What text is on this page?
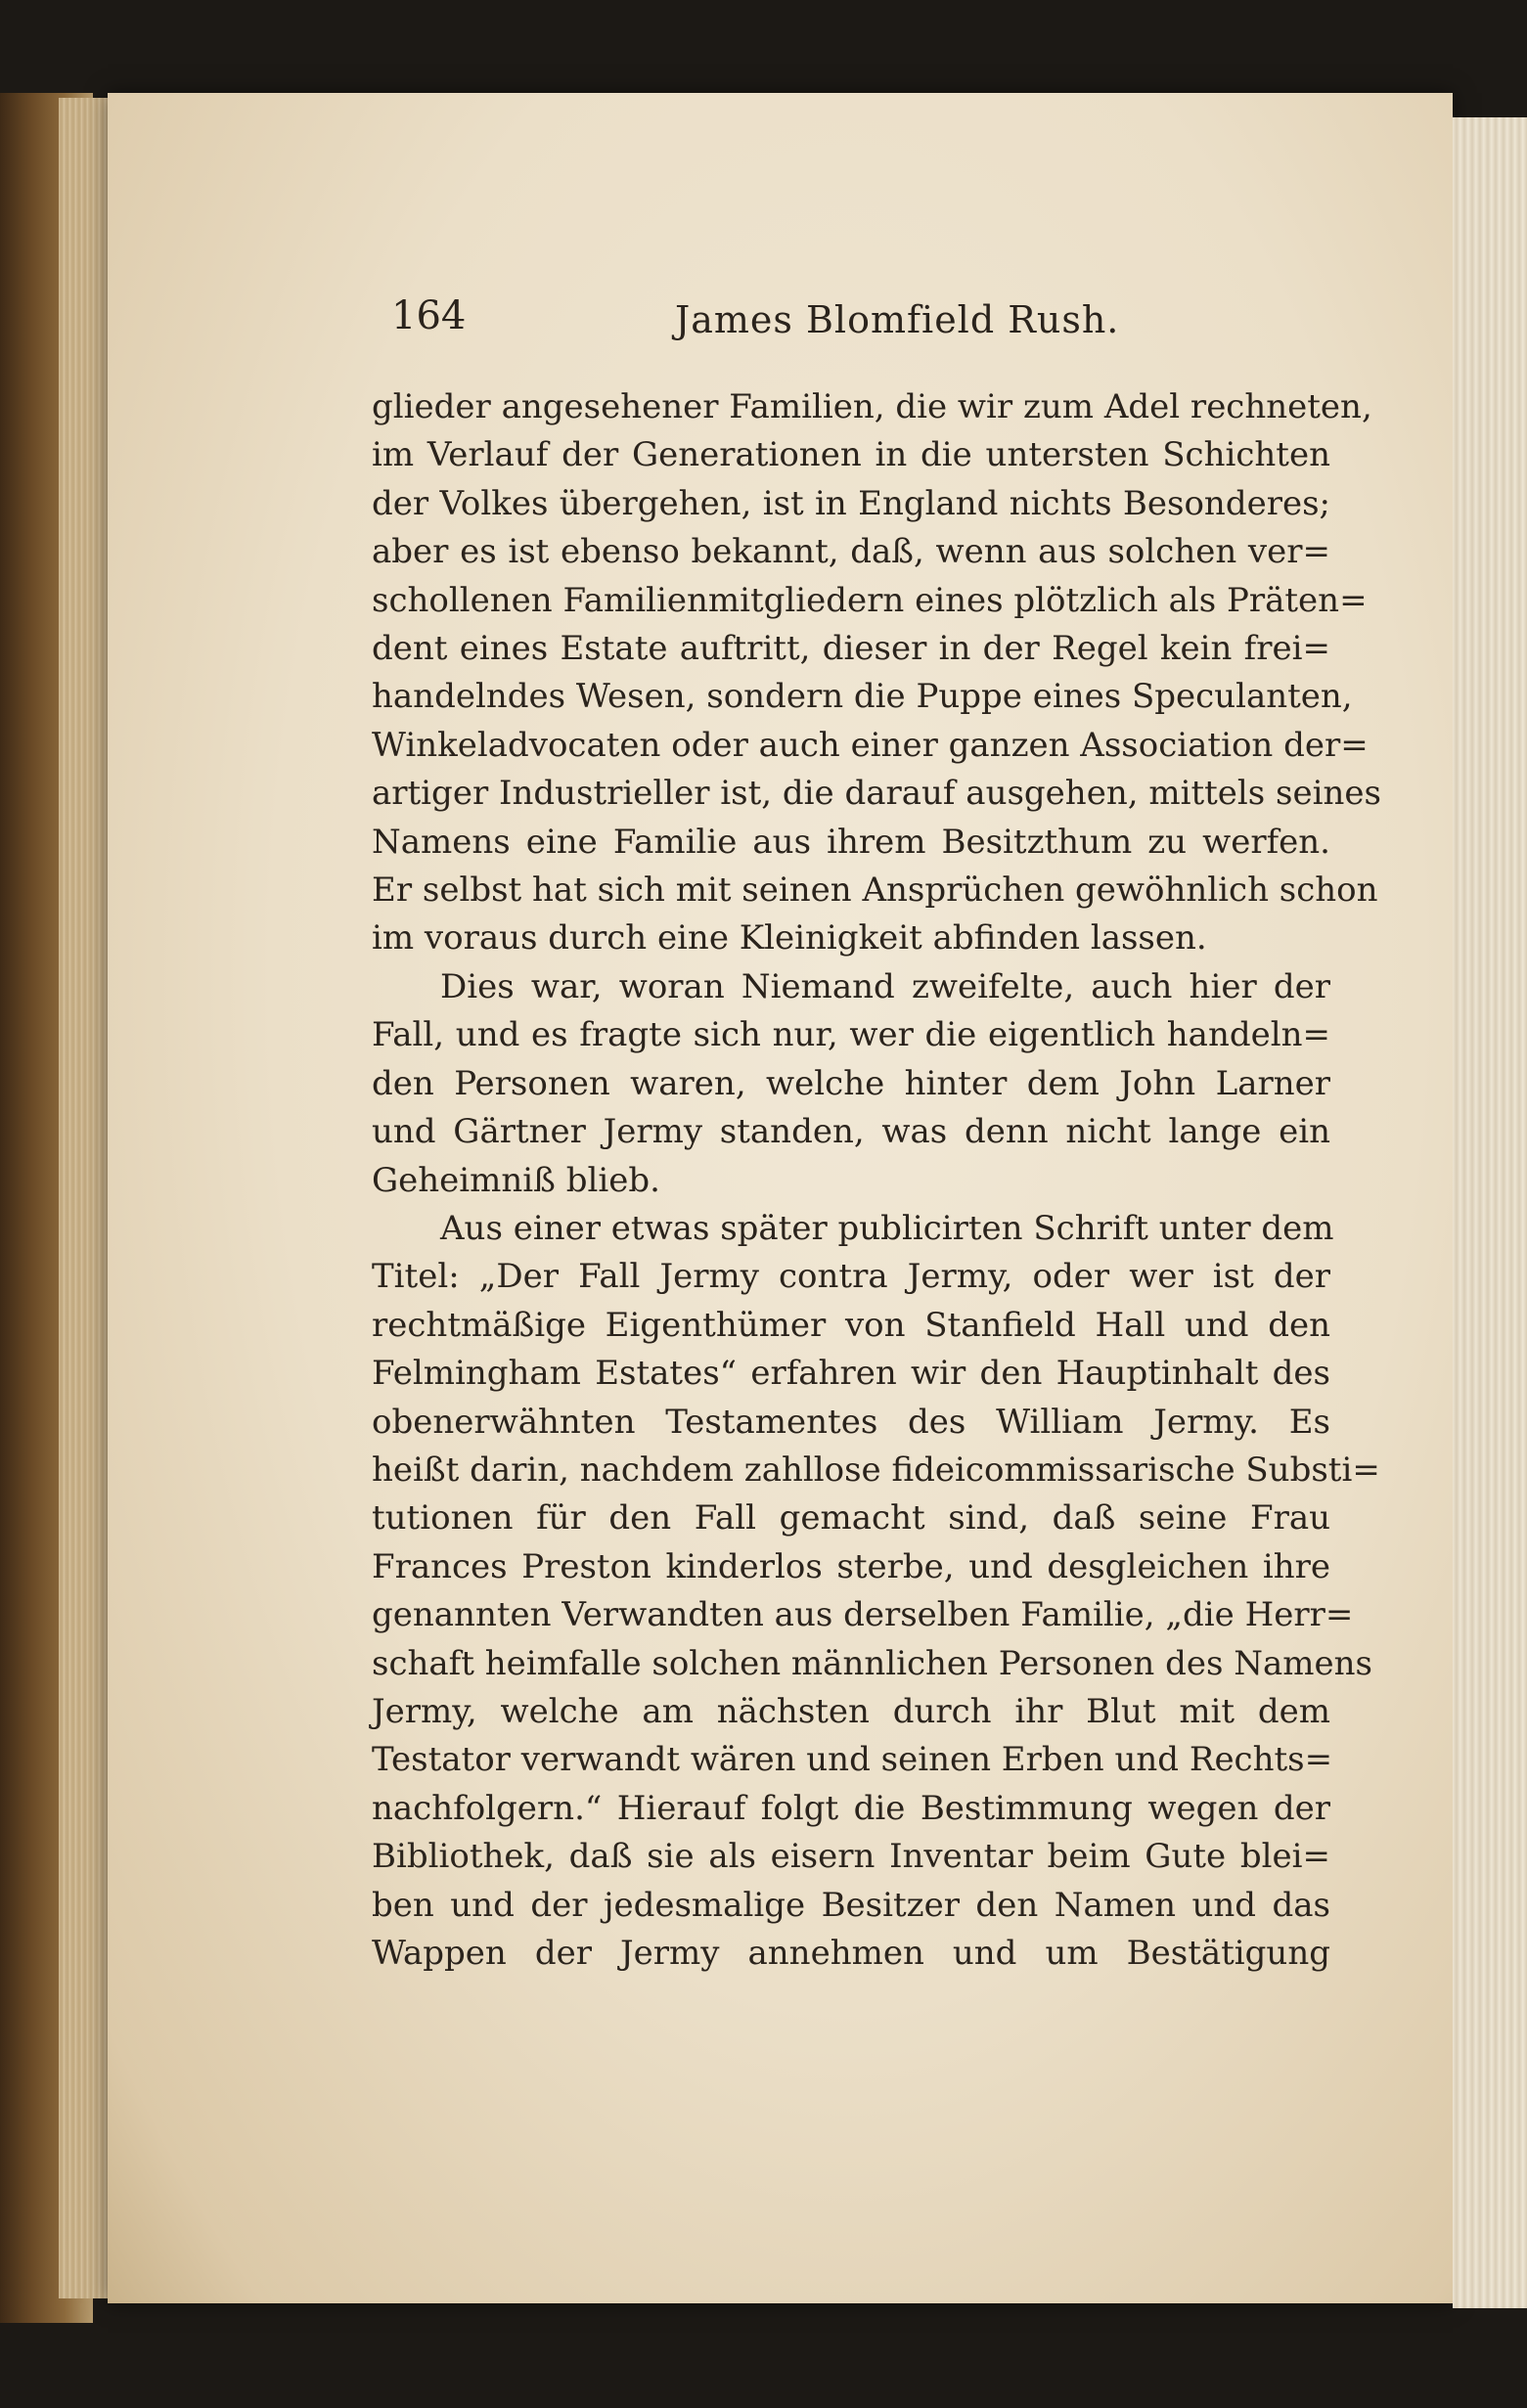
164	James Blomfield Rush.
glieder angesehener Familien, die wir zum Adel rechneten,
im Verlauf der Generationen in die untersten Schichten
der Volkes übergehen, ist in England nichts Besonderes;
aber es ist ebenso bekannt, daß, wenn aus solchen ver=
schollenen Familienmitgliedern eines plötzlich als Präten=
dent eines Estate auftritt, dieser in der Regel kein frei=
handelndes Wesen, sondern die Puppe eines Speculanten,
Winkeladvocaten oder auch einer ganzen Association der=
artiger Industrieller ist, die darauf ausgehen, mittels seines
Namens eine Familie aus ihrem Besitzthum zu werfen.
Er selbst hat sich mit seinen Ansprüchen gewöhnlich schon
im voraus durch eine Kleinigkeit abfinden lassen.
Dies war, woran Niemand zweifelte, auch hier der
Fall, und es fragte sich nur, wer die eigentlich handeln=
den Personen waren, welche hinter dem John Larner
und Gärtner Jermy standen, was denn nicht lange ein
Geheimniß blieb.
Aus einer etwas später publicirten Schrift unter dem
Titel: „Der Fall Jermy contra Jermy, oder wer ist der
rechtmäßige Eigenthümer von Stanfield Hall und den
Felmingham Estates“ erfahren wir den Hauptinhalt des
obenerwähnten Testamentes des William Jermy. Es
heißt darin, nachdem zahllose fideicommissarische Substi=
tutionen für den Fall gemacht sind, daß seine Frau
Frances Preston kinderlos sterbe, und desgleichen ihre
genannten Verwandten aus derselben Familie, „die Herr=
schaft heimfalle solchen männlichen Personen des Namens
Jermy, welche am nächsten durch ihr Blut mit dem
Testator verwandt wären und seinen Erben und Rechts=
nachfolgern.“ Hierauf folgt die Bestimmung wegen der
Bibliothek, daß sie als eisern Inventar beim Gute blei=
ben und der jedesmalige Besitzer den Namen und das
Wappen der Jermy annehmen und um Bestätigung
